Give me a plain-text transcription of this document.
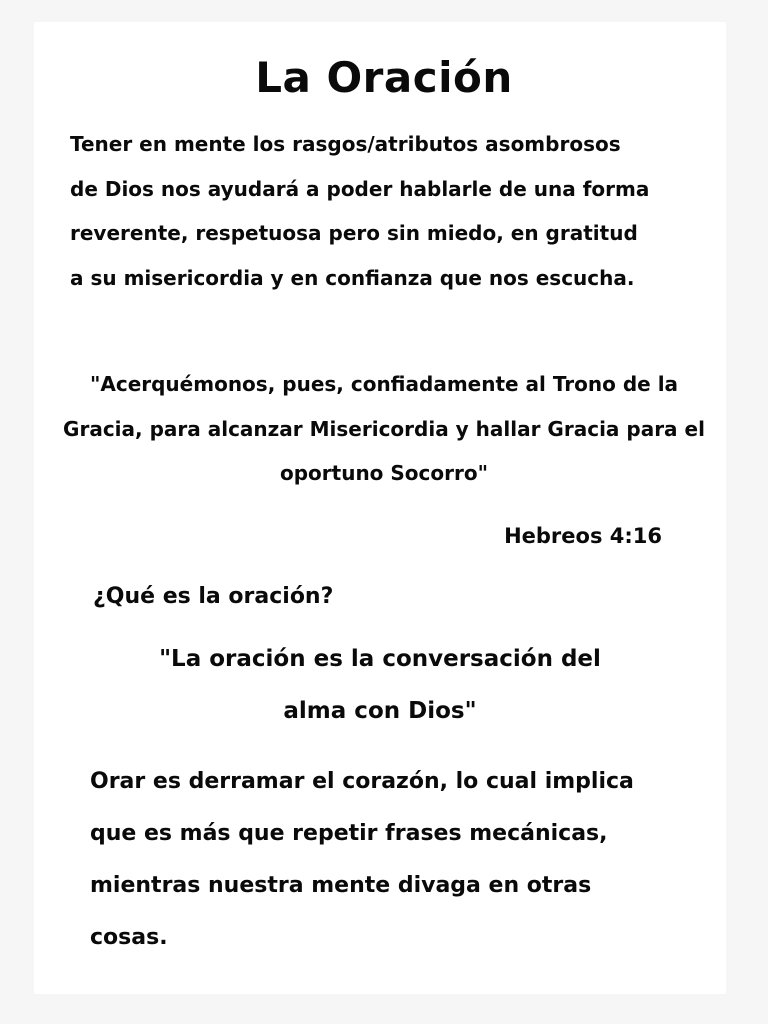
La Oración

Tener en mente los rasgos/atributos asombrosos de Dios nos ayudará a poder hablarle de una forma reverente, respetuosa pero sin miedo, en gratitud a su misericordia y en confianza que nos escucha.

"Acerquémonos, pues, confiadamente al Trono de la Gracia, para alcanzar Misericordia y hallar Gracia para el oportuno Socorro"

Hebreos 4:16

¿Qué es la oración?

"La oración es la conversación del alma con Dios"

Orar es derramar el corazón, lo cual implica que es más que repetir frases mecánicas, mientras nuestra mente divaga en otras cosas.
